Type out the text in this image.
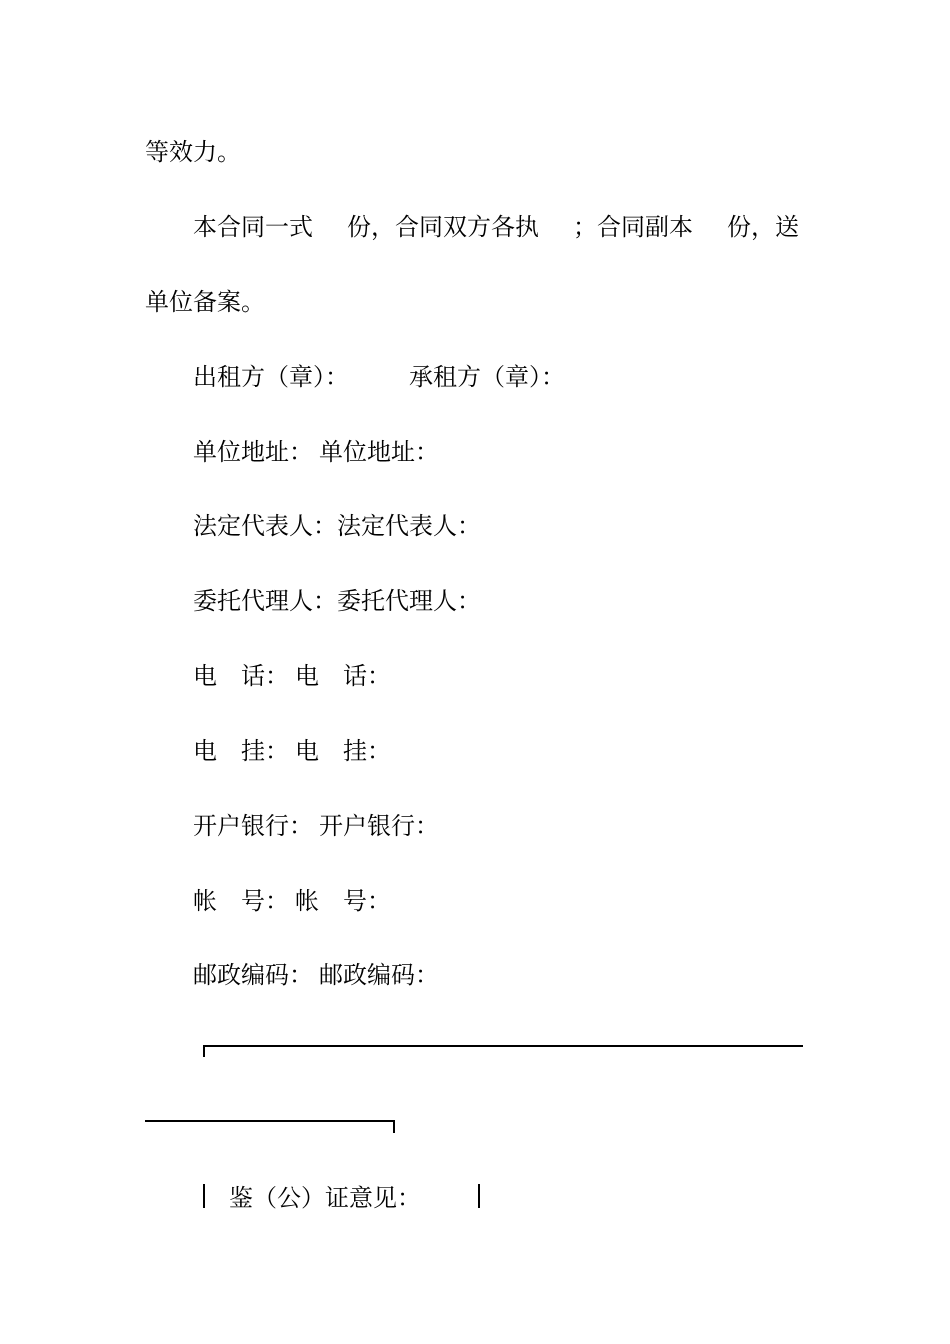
等效力。
本合同一式 份，合同双方各执 ；合同副本 份，送
单位备案。
出租方（章）：	承租方（章）：
单位地址： 单位地址：
法定代表人：法定代表人：
委托代理人：委托代理人：
电　话： 电　话：
电　挂： 电　挂：
开户银行： 开户银行：
帐　号： 帐　号：
邮政编码： 邮政编码：
鉴（公）证意见：
